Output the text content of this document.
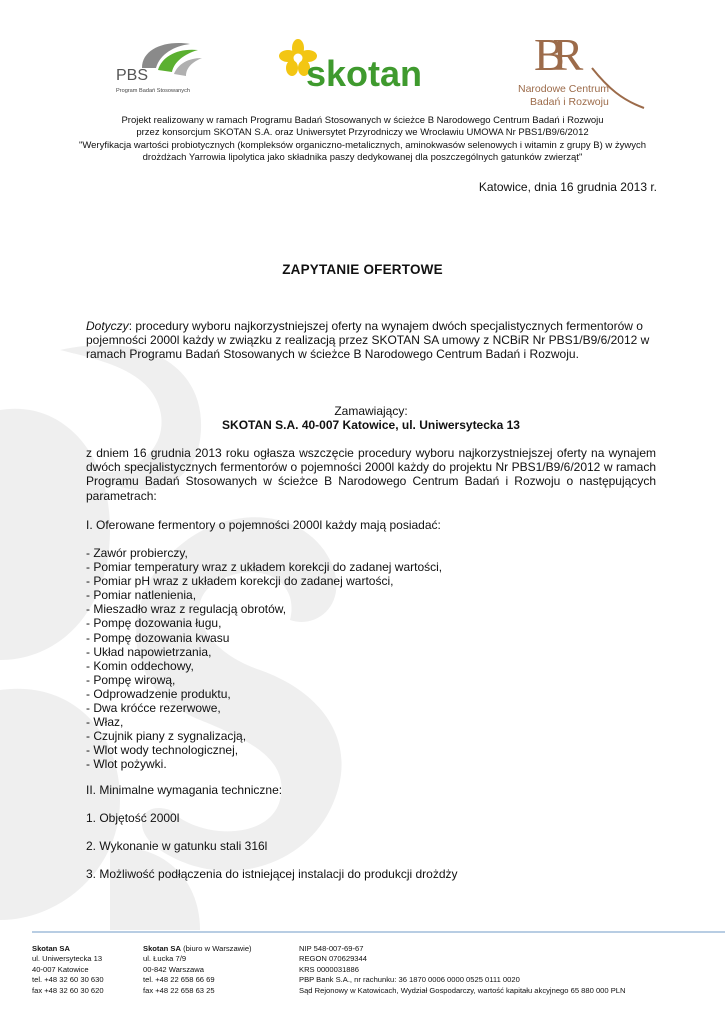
PBS
Program Badań Stosowanych	skotan BR
Narodowe Centrum
Badań i Rozwoju
Projekt realizowany w ramach Programu Badań Stosowanych w ścieżce B Narodowego Centrum Badań i Rozwoju
przez konsorcjum SKOTAN S.A. oraz Uniwersytet Przyrodniczy we Wrocławiu UMOWA Nr PBS1/B9/6/2012
"Weryfikacja wartości probiotycznych (kompleksów organiczno-metalicznych, aminokwasów selenowych i witamin z grupy B) w żywych
drożdżach Yarrowia lipolytica jako składnika paszy dedykowanej dla poszczególnych gatunków zwierząt"
Katowice, dnia 16 grudnia 2013 r.
ZAPYTANIE OFERTOWE
Dotyczy: procedury wyboru najkorzystniejszej oferty na wynajem dwóch specjalistycznych fermentorów o pojemności 2000l każdy w związku z realizacją przez SKOTAN SA umowy z NCBiR Nr PBS1/B9/6/2012 w ramach Programu Badań Stosowanych w ścieżce B Narodowego Centrum Badań i Rozwoju.
Zamawiający:
SKOTAN S.A. 40-007 Katowice, ul. Uniwersytecka 13
z dniem 16 grudnia 2013 roku ogłasza wszczęcie procedury wyboru najkorzystniejszej oferty na wynajem dwóch specjalistycznych fermentorów o pojemności 2000l każdy do projektu Nr PBS1/B9/6/2012 w ramach Programu Badań Stosowanych w ścieżce B Narodowego Centrum Badań i Rozwoju o następujących parametrach:
I. Oferowane fermentory o pojemności 2000l każdy mają posiadać:
- Zawór probierczy,
- Pomiar temperatury wraz z układem korekcji do zadanej wartości,
- Pomiar pH wraz z układem korekcji do zadanej wartości,
- Pomiar natlenienia,
- Mieszadło wraz z regulacją obrotów,
- Pompę dozowania ługu,
- Pompę dozowania kwasu
- Układ napowietrzania,
- Komin oddechowy,
- Pompę wirową,
- Odprowadzenie produktu,
- Dwa króćce rezerwowe,
- Właz,
- Czujnik piany z sygnalizacją,
- Wlot wody technologicznej,
- Wlot pożywki.
II. Minimalne wymagania techniczne:
1. Objętość 2000l
2. Wykonanie w gatunku stali 316l
3. Możliwość podłączenia do istniejącej instalacji do produkcji drożdży

Skotan SA

ul. Uniwersytecka 13

40-007 Katowice

tel. +48 32 60 30 630

fax +48 32 60 30 620

Skotan SA (biuro w Warszawie)

ul. Łucka 7/9

00-842 Warszawa

tel. +48 22 658 66 69

fax +48 22 658 63 25

NIP 548-007-69-67

REGON 070629344

KRS 0000031886

PBP Bank S.A., nr rachunku: 36 1870 0006 0000 0525 0111 0020

Sąd Rejonowy w Katowicach, Wydział Gospodarczy, wartość kapitału akcyjnego 65 880 000 PLN
